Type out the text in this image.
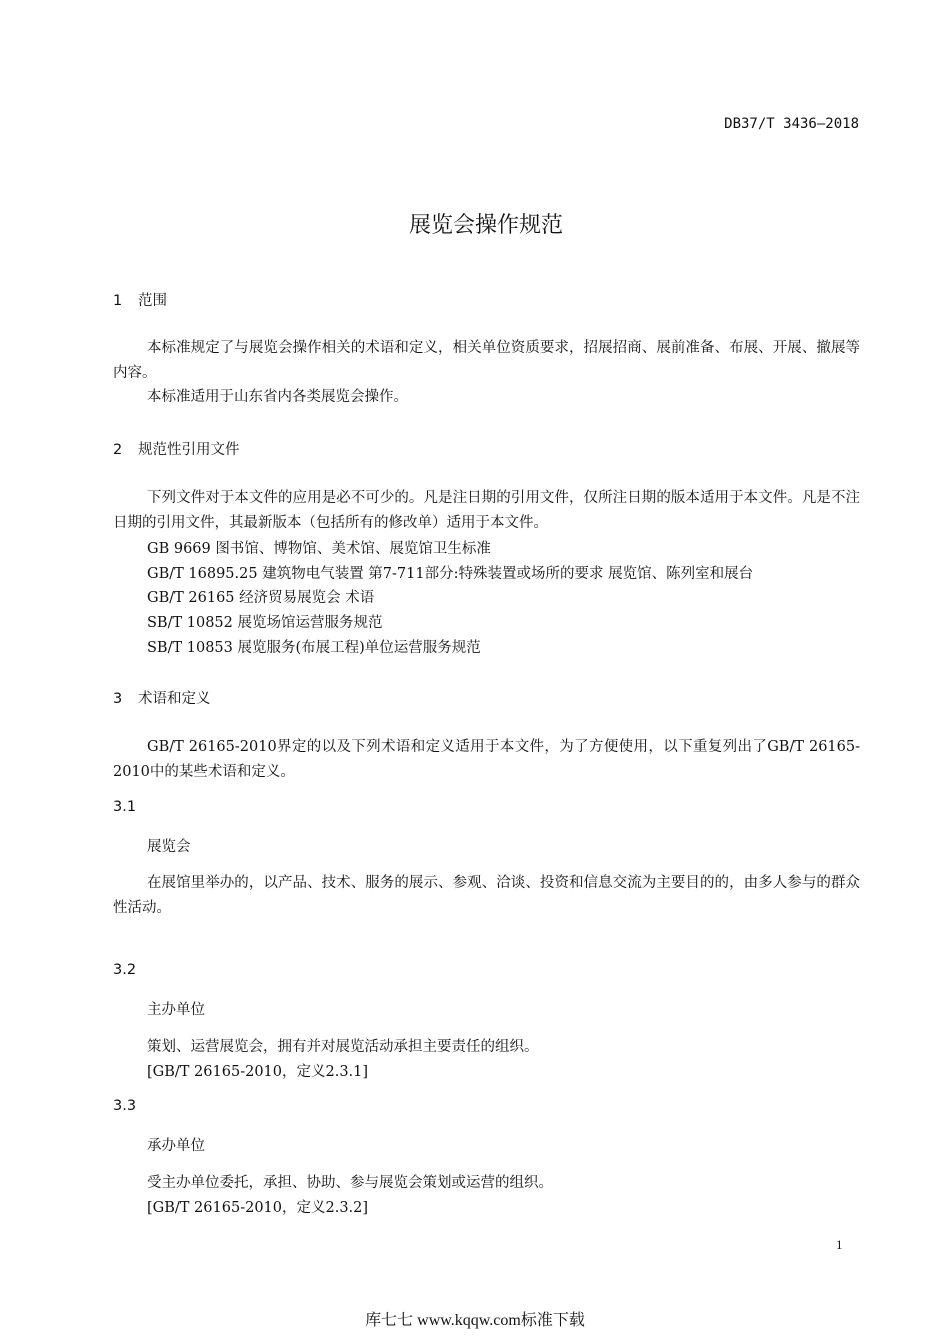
DB37/T 3436—2018
展览会操作规范
1 范围
本标准规定了与展览会操作相关的术语和定义，相关单位资质要求，招展招商、展前准备、布展、开展、撤展等内容。
本标准适用于山东省内各类展览会操作。
2 规范性引用文件
下列文件对于本文件的应用是必不可少的。凡是注日期的引用文件，仅所注日期的版本适用于本文件。凡是不注日期的引用文件，其最新版本（包括所有的修改单）适用于本文件。
GB 9669 图书馆、博物馆、美术馆、展览馆卫生标准
GB/T 16895.25 建筑物电气装置 第7-711部分:特殊装置或场所的要求 展览馆、陈列室和展台
GB/T 26165 经济贸易展览会 术语
SB/T 10852 展览场馆运营服务规范
SB/T 10853 展览服务(布展工程)单位运营服务规范
3 术语和定义
GB/T 26165-2010界定的以及下列术语和定义适用于本文件，为了方便使用，以下重复列出了GB/T 26165-2010中的某些术语和定义。
3.1
展览会
在展馆里举办的，以产品、技术、服务的展示、参观、洽谈、投资和信息交流为主要目的的，由多人参与的群众性活动。
3.2
主办单位
策划、运营展览会，拥有并对展览活动承担主要责任的组织。
[GB/T 26165-2010，定义2.3.1]
3.3
承办单位
受主办单位委托，承担、协助、参与展览会策划或运营的组织。
[GB/T 26165-2010，定义2.3.2]
1
库七七 www.kqqw.com标准下载
